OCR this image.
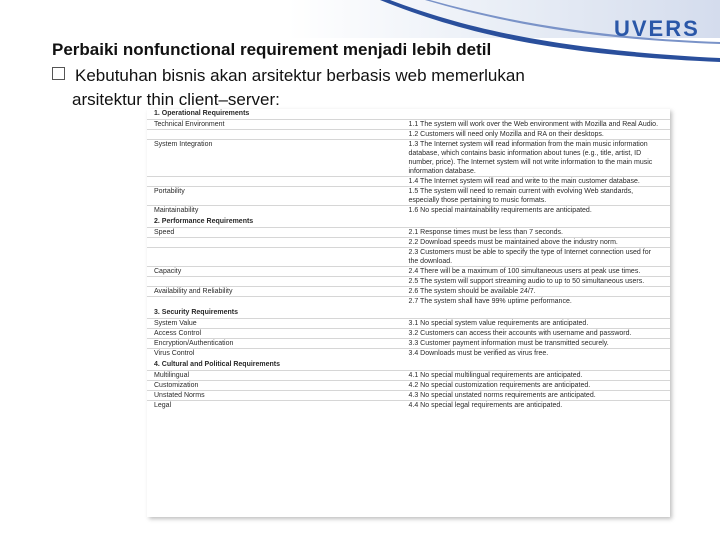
UVERS
Perbaiki nonfunctional requirement menjadi lebih detil
Kebutuhan bisnis akan arsitektur berbasis web memerlukan
arsitektur thin client–server:
1. Operational Requirements	
Technical Environment	1.1 The system will work over the Web environment with Mozilla and Real Audio.
	1.2 Customers will need only Mozilla and RA on their desktops.
System Integration	1.3 The Internet system will read information from the main music information database, which contains basic information about tunes (e.g., title, artist, ID number, price). The Internet system will not write information to the main music information database.
	1.4 The Internet system will read and write to the main customer database.
Portability	1.5 The system will need to remain current with evolving Web standards, especially those pertaining to music formats.
Maintainability	1.6 No special maintainability requirements are anticipated.

2. Performance Requirements	
Speed	2.1 Response times must be less than 7 seconds.
	2.2 Download speeds must be maintained above the industry norm.
	2.3 Customers must be able to specify the type of Internet connection used for the download.
Capacity	2.4 There will be a maximum of 100 simultaneous users at peak use times.
	2.5 The system will support streaming audio to up to 50 simultaneous users.
Availability and Reliability	2.6 The system should be available 24/7.
	2.7 The system shall have 99% uptime performance.

3. Security Requirements	
System Value	3.1 No special system value requirements are anticipated.
Access Control	3.2 Customers can access their accounts with username and password.
Encryption/Authentication	3.3 Customer payment information must be transmitted securely.
Virus Control	3.4 Downloads must be verified as virus free.

4. Cultural and Political Requirements	
Multilingual	4.1 No special multilingual requirements are anticipated.
Customization	4.2 No special customization requirements are anticipated.
Unstated Norms	4.3 No special unstated norms requirements are anticipated.
Legal	4.4 No special legal requirements are anticipated.
